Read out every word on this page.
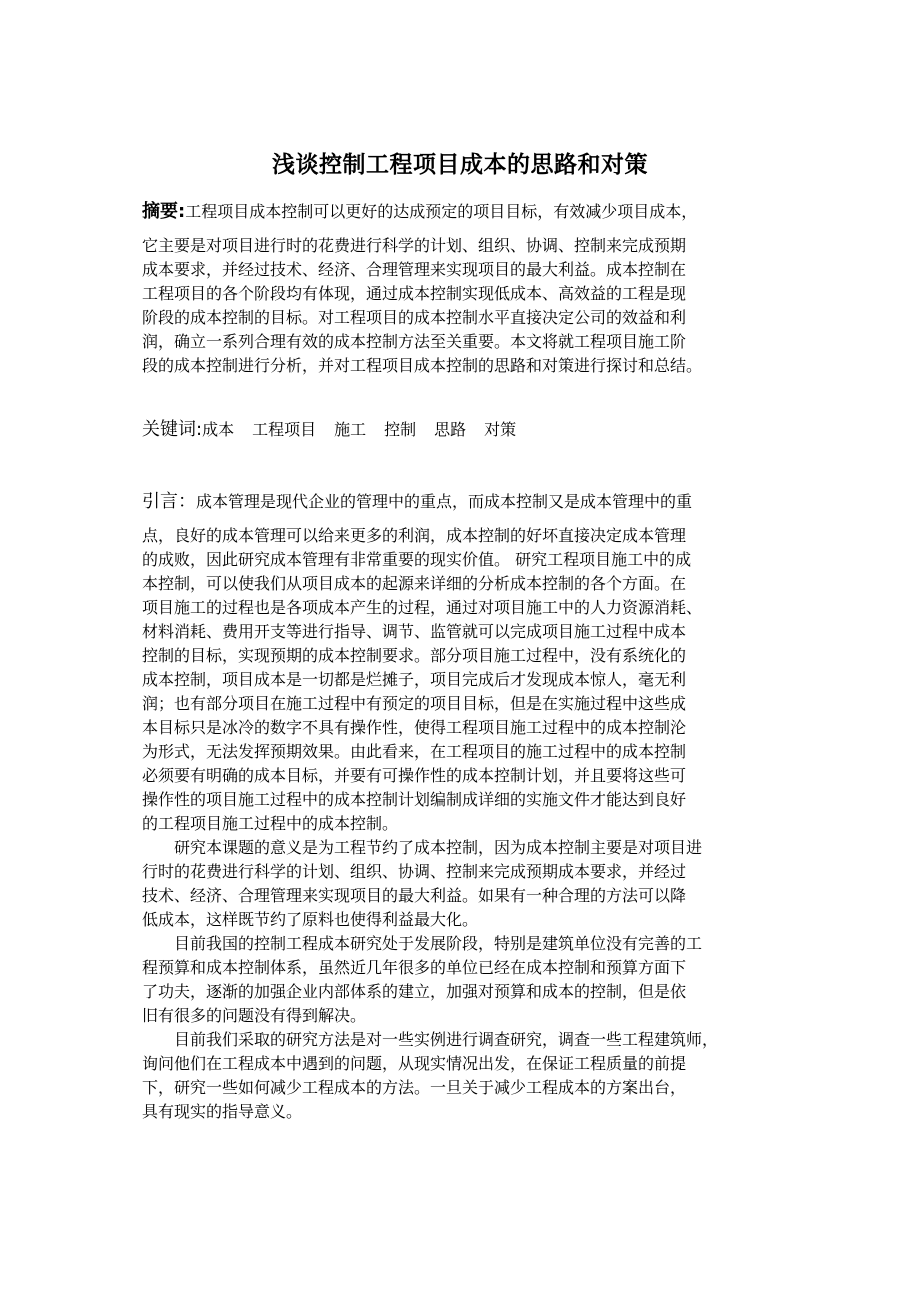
浅谈控制工程项目成本的思路和对策
摘要:工程项目成本控制可以更好的达成预定的项目目标，有效减少项目成本，
它主要是对项目进行时的花费进行科学的计划、组织、协调、控制来完成预期
成本要求，并经过技术、经济、合理管理来实现项目的最大利益。成本控制在
工程项目的各个阶段均有体现，通过成本控制实现低成本、高效益的工程是现
阶段的成本控制的目标。对工程项目的成本控制水平直接决定公司的效益和利
润，确立一系列合理有效的成本控制方法至关重要。本文将就工程项目施工阶
段的成本控制进行分析，并对工程项目成本控制的思路和对策进行探讨和总结。
关键词:成本 工程项目 施工 控制 思路 对策
引言：成本管理是现代企业的管理中的重点，而成本控制又是成本管理中的重
点，良好的成本管理可以给来更多的利润，成本控制的好坏直接决定成本管理
的成败，因此研究成本管理有非常重要的现实价值。 研究工程项目施工中的成
本控制，可以使我们从项目成本的起源来详细的分析成本控制的各个方面。在
项目施工的过程也是各项成本产生的过程，通过对项目施工中的人力资源消耗、
材料消耗、费用开支等进行指导、调节、监管就可以完成项目施工过程中成本
控制的目标，实现预期的成本控制要求。部分项目施工过程中，没有系统化的
成本控制，项目成本是一切都是烂摊子，项目完成后才发现成本惊人，毫无利
润；也有部分项目在施工过程中有预定的项目目标，但是在实施过程中这些成
本目标只是冰冷的数字不具有操作性，使得工程项目施工过程中的成本控制沦
为形式，无法发挥预期效果。由此看来，在工程项目的施工过程中的成本控制
必须要有明确的成本目标，并要有可操作性的成本控制计划，并且要将这些可
操作性的项目施工过程中的成本控制计划编制成详细的实施文件才能达到良好
的工程项目施工过程中的成本控制。
研究本课题的意义是为工程节约了成本控制，因为成本控制主要是对项目进
行时的花费进行科学的计划、组织、协调、控制来完成预期成本要求，并经过
技术、经济、合理管理来实现项目的最大利益。如果有一种合理的方法可以降
低成本，这样既节约了原料也使得利益最大化。
目前我国的控制工程成本研究处于发展阶段，特别是建筑单位没有完善的工
程预算和成本控制体系，虽然近几年很多的单位已经在成本控制和预算方面下
了功夫，逐渐的加强企业内部体系的建立，加强对预算和成本的控制，但是依
旧有很多的问题没有得到解决。
目前我们采取的研究方法是对一些实例进行调查研究，调查一些工程建筑师，
询问他们在工程成本中遇到的问题，从现实情况出发，在保证工程质量的前提
下，研究一些如何减少工程成本的方法。一旦关于减少工程成本的方案出台，
具有现实的指导意义。
